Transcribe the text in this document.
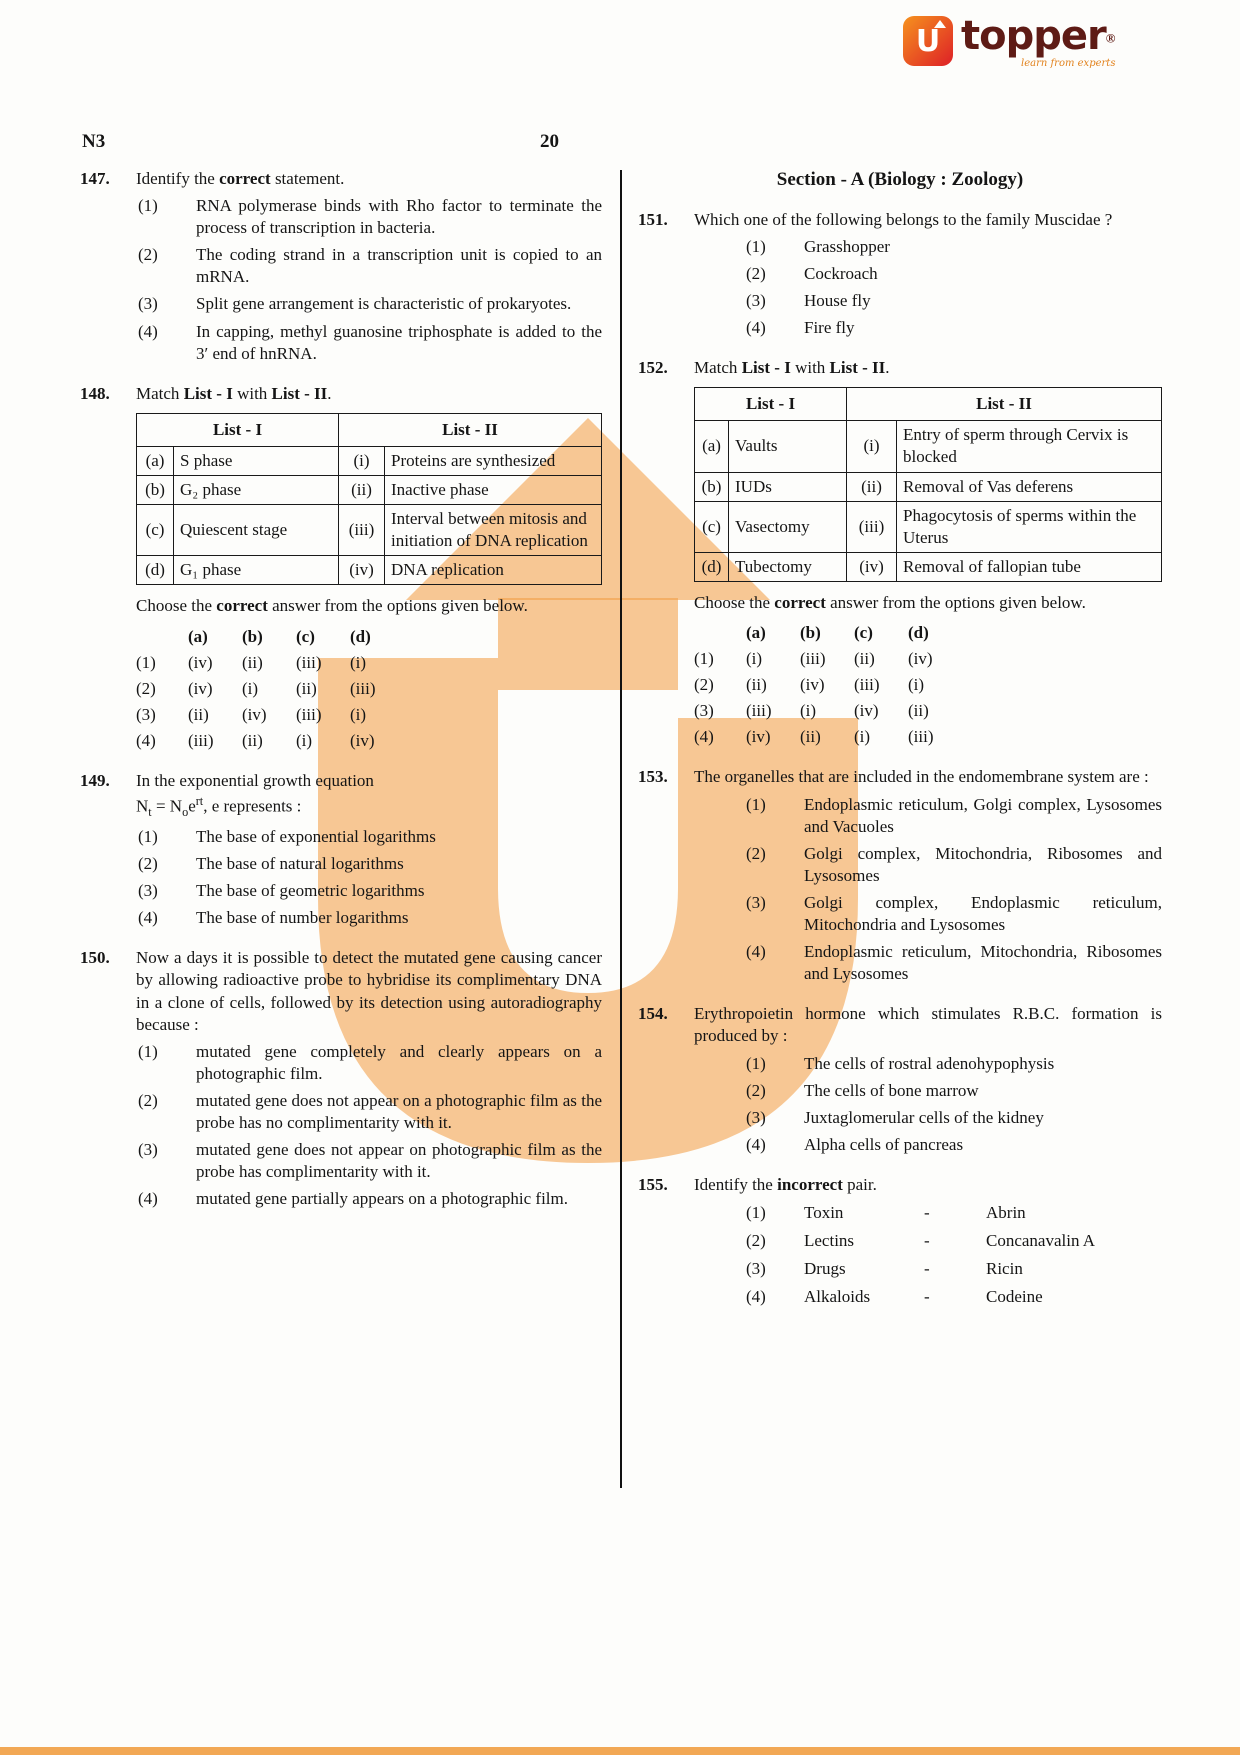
U topper®
learn from experts
N3	20
147.	Identify the correct statement.
(1)	RNA polymerase binds with Rho factor to terminate the process of transcription in bacteria.
(2)	The coding strand in a transcription unit is copied to an mRNA.
(3)	Split gene arrangement is characteristic of prokaryotes.
(4)	In capping, methyl guanosine triphosphate is added to the 3′ end of hnRNA.
148.	Match List - I with List - II.
List - I		List - II	
(a)	S phase	(i)	Proteins are synthesized
(b)	G₂ phase	(ii)	Inactive phase
(c)	Quiescent stage	(iii)	Interval between mitosis and initiation of DNA replication
(d)	G₁ phase	(iv)	DNA replication
Choose the correct answer from the options given below.
(a)	(b)	(c)	(d)
(1)	(iv)	(ii)	(iii)	(i)
(2)	(iv)	(i)	(ii)	(iii)
(3)	(ii)	(iv)	(iii)	(i)
(4)	(iii)	(ii)	(i)	(iv)
149.	In the exponential growth equation
$N_t = N_oe^{rt}$, e represents :
(1)	The base of exponential logarithms
(2)	The base of natural logarithms
(3)	The base of geometric logarithms
(4)	The base of number logarithms
150.	Now a days it is possible to detect the mutated gene causing cancer by allowing radioactive probe to hybridise its complimentary DNA in a clone of cells, followed by its detection using autoradiography because :
(1)	mutated gene completely and clearly appears on a photographic film.
(2)	mutated gene does not appear on a photographic film as the probe has no complimentarity with it.
(3)	mutated gene does not appear on photographic film as the probe has complimentarity with it.
(4)	mutated gene partially appears on a photographic film.
Section - A (Biology : Zoology)
151.	Which one of the following belongs to the family Muscidae ?
(1)	Grasshopper
(2)	Cockroach
(3)	House fly
(4)	Fire fly
152.	Match List - I with List - II.
List - I		List - II	
(a)	Vaults	(i)	Entry of sperm through Cervix is blocked
(b)	IUDs	(ii)	Removal of Vas deferens
(c)	Vasectomy	(iii)	Phagocytosis of sperms within the Uterus
(d)	Tubectomy	(iv)	Removal of fallopian tube
Choose the correct answer from the options given below.
(a)	(b)	(c)	(d)
(1)	(i)	(iii)	(ii)	(iv)
(2)	(ii)	(iv)	(iii)	(i)
(3)	(iii)	(i)	(iv)	(ii)
(4)	(iv)	(ii)	(i)	(iii)
153.	The organelles that are included in the endomembrane system are :
(1)	Endoplasmic reticulum, Golgi complex, Lysosomes and Vacuoles
(2)	Golgi complex, Mitochondria, Ribosomes and Lysosomes
(3)	Golgi complex, Endoplasmic reticulum, Mitochondria and Lysosomes
(4)	Endoplasmic reticulum, Mitochondria, Ribosomes and Lysosomes
154.	Erythropoietin hormone which stimulates R.B.C. formation is produced by :
(1)	The cells of rostral adenohypophysis
(2)	The cells of bone marrow
(3)	Juxtaglomerular cells of the kidney
(4)	Alpha cells of pancreas
155.	Identify the incorrect pair.
(1)	Toxin	-	Abrin
(2)	Lectins	-	Concanavalin A
(3)	Drugs	-	Ricin
(4)	Alkaloids	-	Codeine
